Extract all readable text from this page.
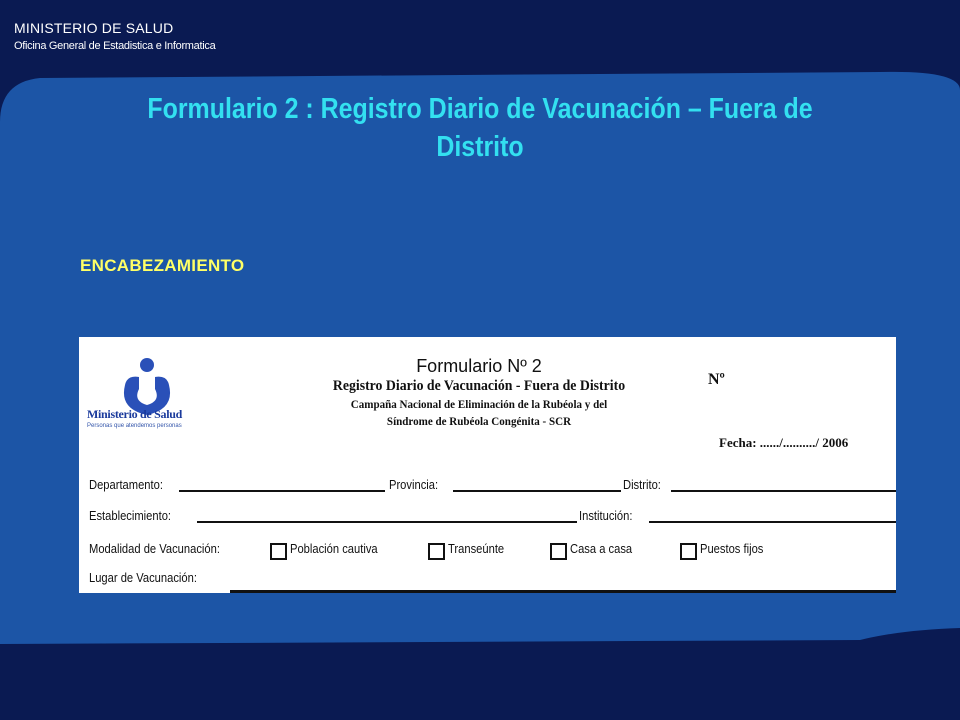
MINISTERIO DE SALUD
Oficina General de Estadistica e Informatica
Formulario 2 : Registro Diario de Vacunación – Fuera de Distrito
ENCABEZAMIENTO
Ministerio de Salud
Personas que atendemos personas
Formulario Nº 2
Registro Diario de Vacunación - Fuera de Distrito
Campaña Nacional de Eliminación de la Rubéola y del
Síndrome de Rubéola Congénita - SCR
Nº
Fecha: ....../........../ 2006
Departamento:	Provincia:	Distrito:
Establecimiento:	Institución:
Modalidad de Vacunación:	Población cautiva	Transeúnte	Casa a casa	Puestos fijos
Lugar de Vacunación:
